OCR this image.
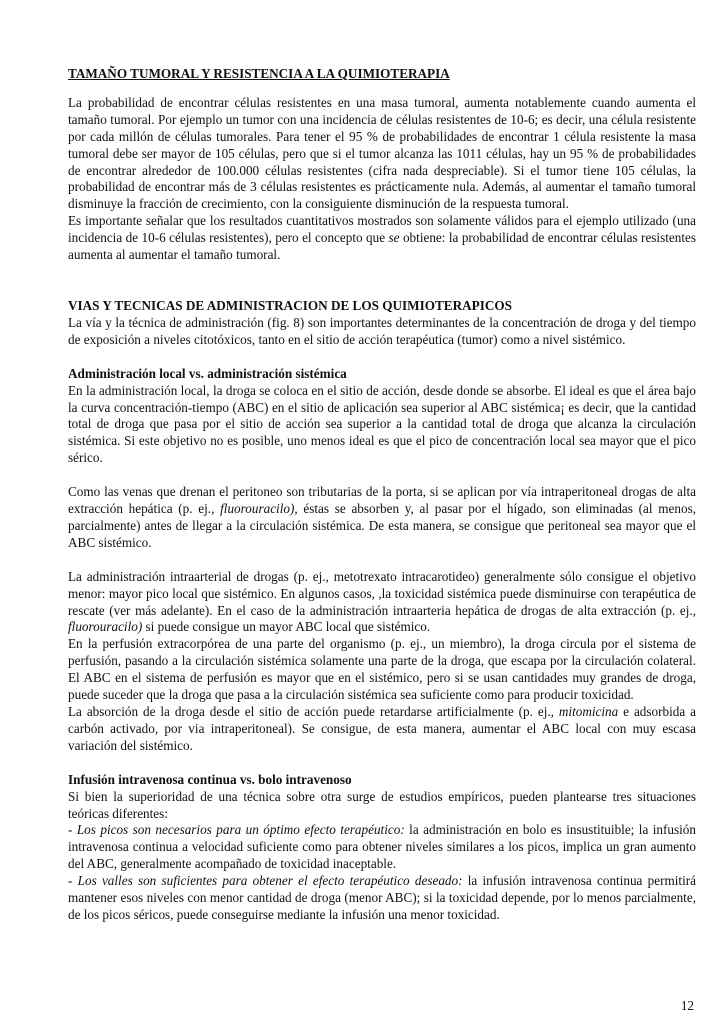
TAMAÑO TUMORAL Y RESISTENCIA A LA QUIMIOTERAPIA

La probabilidad de encontrar células resistentes en una masa tumoral, aumenta notablemente cuando aumenta el tamaño tumoral. Por ejemplo un tumor con una incidencia de células resistentes de 10-6; es decir, una célula resistente por cada millón de células tumorales. Para tener el 95 % de probabilidades de encontrar 1 célula resistente la masa tumoral debe ser mayor de 105 células, pero que si el tumor alcanza las 1011 células, hay un 95 % de probabilidades de encontrar alrededor de 100.000 células resistentes (cifra nada despreciable). Si el tumor tiene 105 células, la probabilidad de encontrar más de 3 células resistentes es prácticamente nula. Además, al aumentar el tamaño tumoral disminuye la fracción de crecimiento, con la consiguiente disminución de la respuesta tumoral.

Es importante señalar que los resultados cuantitativos mostrados son solamente válidos para el ejemplo utilizado (una incidencia de 10-6 células resistentes), pero el concepto que se obtiene: la probabilidad de encontrar células resistentes aumenta al aumentar el tamaño tumoral.

VIAS Y TECNICAS DE ADMINISTRACION DE LOS QUIMIOTERAPICOS

La vía y la técnica de administración (fig. 8) son importantes determinantes de la concentración de droga y del tiempo de exposición a niveles citotóxicos, tanto en el sitio de acción terapéutica (tumor) como a nivel sistémico.

Administración local vs. administración sistémica

En la administración local, la droga se coloca en el sitio de acción, desde donde se absorbe. El ideal es que el área bajo la curva concentración-tiempo (ABC) en el sitio de aplicación sea superior al ABC sistémica¡ es decir, que la cantidad total de droga que pasa por el sitio de acción sea superior a la cantidad total de droga que alcanza la circulación sistémica. Si este objetivo no es posible, uno menos ideal es que el pico de concentración local sea mayor que el pico sérico.

Como las venas que drenan el peritoneo son tributarias de la porta, si se aplican por vía intraperitoneal drogas de alta extracción hepática (p. ej., fluorouracilo), éstas se absorben y, al pasar por el hígado, son eliminadas (al menos, parcialmente) antes de llegar a la circulación sistémica. De esta manera, se consigue que peritoneal sea mayor que el ABC sistémico.

La administración intraarterial de drogas (p. ej., metotrexato intracarotideo) generalmente sólo consigue el objetivo menor: mayor pico local que sistémico. En algunos casos, ,la toxicidad sistémica puede disminuirse con terapéutica de rescate (ver más adelante). En el caso de la administración intraarteria hepática de drogas de alta extracción (p. ej., fluorouracilo) si puede consigue un mayor ABC local que sistémico.

En la perfusión extracorpórea de una parte del organismo (p. ej., un miembro), la droga circula por el sistema de perfusión, pasando a la circulación sistémica solamente una parte de la droga, que escapa por la circulación colateral. El ABC en el sistema de perfusión es mayor que en el sistémico, pero si se usan cantidades muy grandes de droga, puede suceder que la droga que pasa a la circulación sistémica sea suficiente como para producir toxicidad.

La absorción de la droga desde el sitio de acción puede retardarse artificialmente (p. ej., mitomicina e adsorbida a carbón activado, por via intraperitoneal). Se consigue, de esta manera, aumentar el ABC local con muy escasa variación del sistémico.

Infusión intravenosa continua vs. bolo intravenoso

Si bien la superioridad de una técnica sobre otra surge de estudios empíricos, pueden plantearse tres situaciones teóricas diferentes:

- Los picos son necesarios para un óptimo efecto terapéutico: la administración en bolo es insustituible; la infusión intravenosa continua a velocidad suficiente como para obtener niveles similares a los picos, implica un gran aumento del ABC, generalmente acompañado de toxicidad inaceptable.

- Los valles son suficientes para obtener el efecto terapéutico deseado: la infusión intravenosa continua permitirá mantener esos niveles con menor cantidad de droga (menor ABC); si la toxicidad depende, por lo menos parcialmente, de los picos séricos, puede conseguirse mediante la infusión una menor toxicidad.

12
